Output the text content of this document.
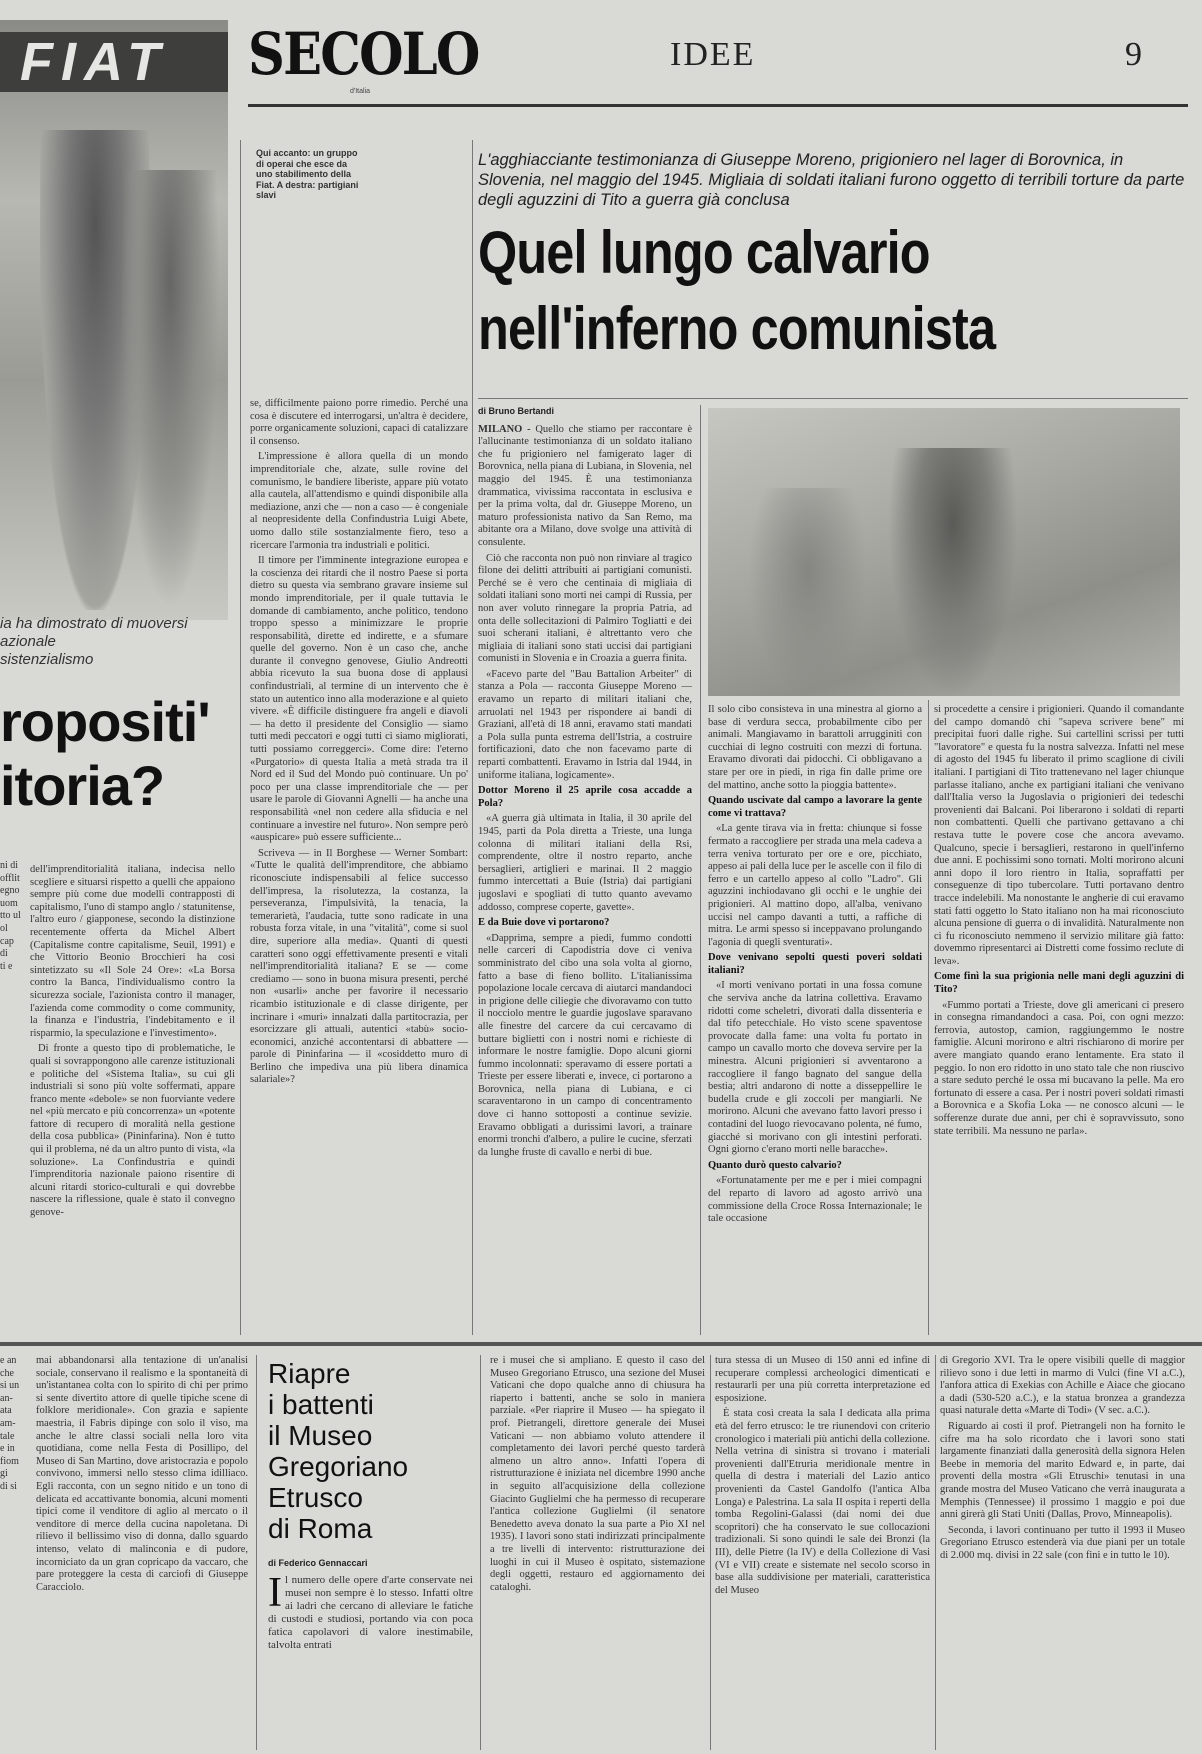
FIAT
ia ha dimostrato di muoversi
azionale
sistenzialismo
ropositi'
itoria?
ni di
offlit
egno
uom
tto ul
ol
cap
di
ti e
SECOLO
d'Italia
IDEE	9
Qui accanto: un gruppo di operai che esce da uno stabilimento della Fiat. A destra: partigiani slavi
L'agghiacciante testimonianza di Giuseppe Moreno, prigioniero nel lager di Borovnica, in Slovenia, nel maggio del 1945. Migliaia di soldati italiani furono oggetto di terribili torture da parte degli aguzzini di Tito a guerra già conclusa
Quel lungo calvario
nell'inferno comunista

se, difficilmente paiono porre rimedio. Perché una cosa è discutere ed interrogarsi, un'altra è decidere, porre organicamente soluzioni, capaci di catalizzare il consenso.

L'impressione è allora quella di un mondo imprenditoriale che, alzate, sulle rovine del comunismo, le bandiere liberiste, appare più votato alla cautela, all'attendismo e quindi disponibile alla mediazione, anzi che — non a caso — è congeniale al neopresidente della Confindustria Luigi Abete, uomo dallo stile sostanzialmente fiero, teso a ricercare l'armonia tra industriali e politici.

Il timore per l'imminente integrazione europea e la coscienza dei ritardi che il nostro Paese si porta dietro su questa via sembrano gravare insieme sul mondo imprenditoriale, per il quale tuttavia le domande di cambiamento, anche politico, tendono troppo spesso a minimizzare le proprie responsabilità, dirette ed indirette, e a sfumare quelle del governo. Non è un caso che, anche durante il convegno genovese, Giulio Andreotti abbia ricevuto la sua buona dose di applausi confindustriali, al termine di un intervento che è stato un autentico inno alla moderazione e al quieto vivere. «È difficile distinguere fra angeli e diavoli — ha detto il presidente del Consiglio — siamo tutti medi peccatori e oggi tutti ci siamo migliorati, tutti possiamo correggerci». Come dire: l'eterno «Purgatorio» di questa Italia a metà strada tra il Nord ed il Sud del Mondo può continuare. Un po' poco per una classe imprenditoriale che — per usare le parole di Giovanni Agnelli — ha anche una responsabilità «nel non cedere alla sfiducia e nel continuare a investire nel futuro». Non sempre però «auspicare» può essere sufficiente...

Scriveva — in Il Borghese — Werner Sombart: «Tutte le qualità dell'imprenditore, che abbiamo riconosciute indispensabili al felice successo dell'impresa, la risolutezza, la costanza, la perseveranza, l'impulsività, la tenacia, la temerarietà, l'audacia, tutte sono radicate in una robusta forza vitale, in una "vitalità", come si suol dire, superiore alla media». Quanti di questi caratteri sono oggi effettivamente presenti e vitali nell'imprenditorialità italiana? E se — come crediamo — sono in buona misura presenti, perché non «usarli» anche per favorire il necessario ricambio istituzionale e di classe dirigente, per incrinare i «muri» innalzati dalla partitocrazia, per esorcizzare gli attuali, autentici «tabù» socio-economici, anziché accontentarsi di abbattere — parole di Pininfarina — il «cosiddetto muro di Berlino che impediva una più libera dinamica salariale»?

dell'imprenditorialità italiana, indecisa nello scegliere e situarsi rispetto a quelli che appaiono sempre più come due modelli contrapposti di capitalismo, l'uno di stampo anglo / statunitense, l'altro euro / giapponese, secondo la distinzione recentemente offerta da Michel Albert (Capitalisme contre capitalisme, Seuil, 1991) e che Vittorio Beonio Brocchieri ha così sintetizzato su «Il Sole 24 Ore»: «La Borsa contro la Banca, l'individualismo contro la sicurezza sociale, l'azionista contro il manager, l'azienda come commodity o come community, la finanza e l'industria, l'indebitamento e il risparmio, la speculazione e l'investimento».

Di fronte a questo tipo di problematiche, le quali si sovrappongono alle carenze istituzionali e politiche del «Sistema Italia», su cui gli industriali si sono più volte soffermati, appare franco mente «debole» se non fuorviante vedere nel «più mercato e più concorrenza» un «potente fattore di recupero di moralità nella gestione della cosa pubblica» (Pininfarina). Non è tutto qui il problema, né da un altro punto di vista, «la soluzione». La Confindustria e quindi l'imprenditoria nazionale paiono risentire di alcuni ritardi storico-culturali e qui dovrebbe nascere la riflessione, quale è stato il convegno genove-

di Bruno Bertandi

MILANO - Quello che stiamo per raccontare è l'allucinante testimonianza di un soldato italiano che fu prigioniero nel famigerato lager di Borovnica, nella piana di Lubiana, in Slovenia, nel maggio del 1945. È una testimonianza drammatica, vivissima raccontata in esclusiva e per la prima volta, dal dr. Giuseppe Moreno, un maturo professionista nativo da San Remo, ma abitante ora a Milano, dove svolge una attività di consulente.

Ciò che racconta non può non rinviare al tragico filone dei delitti attribuiti ai partigiani comunisti. Perché se è vero che centinaia di migliaia di soldati italiani sono morti nei campi di Russia, per non aver voluto rinnegare la propria Patria, ad onta delle sollecitazioni di Palmiro Togliatti e dei suoi scherani italiani, è altrettanto vero che migliaia di italiani sono stati uccisi dai partigiani comunisti in Slovenia e in Croazia a guerra finita.

«Facevo parte del "Bau Battalion Arbeiter" di stanza a Pola — racconta Giuseppe Moreno — eravamo un reparto di militari italiani che, arruolati nel 1943 per rispondere ai bandi di Graziani, all'età di 18 anni, eravamo stati mandati a Pola sulla punta estrema dell'Istria, a costruire fortificazioni, dato che non facevamo parte di reparti combattenti. Eravamo in Istria dal 1944, in uniforme italiana, logicamente».

Dottor Moreno il 25 aprile cosa accadde a Pola?

«A guerra già ultimata in Italia, il 30 aprile del 1945, partì da Pola diretta a Trieste, una lunga colonna di militari italiani della Rsi, comprendente, oltre il nostro reparto, anche bersaglieri, artiglieri e marinai. Il 2 maggio fummo intercettati a Buie (Istria) dai partigiani jugoslavi e spogliati di tutto quanto avevamo addosso, comprese coperte, gavette».

E da Buie dove vi portarono?

«Dapprima, sempre a piedi, fummo condotti nelle carceri di Capodistria dove ci veniva somministrato del cibo una sola volta al giorno, fatto a base di fieno bollito. L'italianissima popolazione locale cercava di aiutarci mandandoci in prigione delle ciliegie che divoravamo con tutto il nocciolo mentre le guardie jugoslave sparavano alle finestre del carcere da cui cercavamo di buttare biglietti con i nostri nomi e richieste di informare le nostre famiglie. Dopo alcuni giorni fummo incolonnati: speravamo di essere portati a Trieste per essere liberati e, invece, ci portarono a Borovnica, nella piana di Lubiana, e ci scaraventarono in un campo di concentramento dove ci hanno sottoposti a continue sevizie. Eravamo obbligati a durissimi lavori, a trainare enormi tronchi d'albero, a pulire le cucine, sferzati da lunghe fruste di cavallo e nerbi di bue.

Il solo cibo consisteva in una minestra al giorno a base di verdura secca, probabilmente cibo per animali. Mangiavamo in barattoli arrugginiti con cucchiai di legno costruiti con mezzi di fortuna. Eravamo divorati dai pidocchi. Ci obbligavano a stare per ore in piedi, in riga fin dalle prime ore del mattino, anche sotto la pioggia battente».

Quando uscivate dal campo a lavorare la gente come vi trattava?

«La gente tirava via in fretta: chiunque si fosse fermato a raccogliere per strada una mela cadeva a terra veniva torturato per ore e ore, picchiato, appeso ai pali della luce per le ascelle con il filo di ferro e un cartello appeso al collo "Ladro". Gli aguzzini inchiodavano gli occhi e le unghie dei prigionieri. Al mattino dopo, all'alba, venivano uccisi nel campo davanti a tutti, a raffiche di mitra. Le armi spesso si inceppavano prolungando l'agonia di quegli sventurati».

Dove venivano sepolti questi poveri soldati italiani?

«I morti venivano portati in una fossa comune che serviva anche da latrina collettiva. Eravamo ridotti come scheletri, divorati dalla dissenteria e dal tifo petecchiale. Ho visto scene spaventose provocate dalla fame: una volta fu portato in campo un cavallo morto che doveva servire per la minestra. Alcuni prigionieri si avventarono a raccogliere il fango bagnato del sangue della bestia; altri andarono di notte a disseppellire le budella crude e gli zoccoli per mangiarli. Ne morirono. Alcuni che avevano fatto lavori presso i contadini del luogo rievocavano polenta, né fumo, giacché si morivano con gli intestini perforati. Ogni giorno c'erano morti nelle baracche».

Quanto durò questo calvario?

«Fortunatamente per me e per i miei compagni del reparto di lavoro ad agosto arrivò una commissione della Croce Rossa Internazionale; le tale occasione

si procedette a censire i prigionieri. Quando il comandante del campo domandò chi "sapeva scrivere bene" mi precipitai fuori dalle righe. Sui cartellini scrissi per tutti "lavoratore" e questa fu la nostra salvezza. Infatti nel mese di agosto del 1945 fu liberato il primo scaglione di civili italiani. I partigiani di Tito trattenevano nel lager chiunque parlasse italiano, anche ex partigiani italiani che venivano dall'Italia verso la Jugoslavia o prigionieri dei tedeschi provenienti dai Balcani. Poi liberarono i soldati di reparti non combattenti. Quelli che partivano gettavano a chi restava tutte le povere cose che ancora avevamo. Qualcuno, specie i bersaglieri, restarono in quell'inferno due anni. E pochissimi sono tornati. Molti morirono alcuni anni dopo il loro rientro in Italia, sopraffatti per conseguenze di tipo tubercolare. Tutti portavano dentro tracce indelebili. Ma nonostante le angherie di cui eravamo stati fatti oggetto lo Stato italiano non ha mai riconosciuto alcuna pensione di guerra o di invalidità. Naturalmente non ci fu riconosciuto nemmeno il servizio militare già fatto: dovemmo ripresentarci ai Distretti come fossimo reclute di leva».

Come finì la sua prigionia nelle mani degli aguzzini di Tito?

«Fummo portati a Trieste, dove gli americani ci presero in consegna rimandandoci a casa. Poi, con ogni mezzo: ferrovia, autostop, camion, raggiungemmo le nostre famiglie. Alcuni morirono e altri rischiarono di morire per avere mangiato quando erano lentamente. Era stato il peggio. Io non ero ridotto in uno stato tale che non riuscivo a stare seduto perché le ossa mi bucavano la pelle. Ma ero fortunato di essere a casa. Per i nostri poveri soldati rimasti a Borovnica e a Skofia Loka — ne conosco alcuni — le sofferenze durate due anni, per chi è sopravvissuto, sono state terribili. Ma nessuno ne parla».

e an
che
si un
an-
ata
am-
tale
e in
fiom
gi
di si

mai abbandonarsi alla tentazione di un'analisi sociale, conservano il realismo e la spontaneità di un'istantanea colta con lo spirito di chi per primo si sente divertito attore di quelle tipiche scene di folklore meridionale». Con grazia e sapiente maestria, il Fabris dipinge con solo il viso, ma anche le altre classi sociali nella loro vita quotidiana, come nella Festa di Posillipo, del Museo di San Martino, dove aristocrazia e popolo convivono, immersi nello stesso clima idilliaco. Egli racconta, con un segno nitido e un tono di delicata ed accattivante bonomia, alcuni momenti tipici come il venditore di aglio al mercato o il venditore di merce della cucina napoletana. Di rilievo il bellissimo viso di donna, dallo sguardo intenso, velato di malinconia e di pudore, incorniciato da un gran copricapo da vaccaro, che pare proteggere la cesta di carciofi di Giuseppe Caracciolo.

Riapre
i battenti
il Museo
Gregoriano
Etrusco
di Roma
di Federico Gennaccari
Il numero delle opere d'arte conservate nei musei non sempre è lo stesso. Infatti oltre ai ladri che cercano di alleviare le fatiche di custodi e studiosi, portando via con poca fatica capolavori di valore inestimabile, talvolta entrati

re i musei che si ampliano. È questo il caso del Museo Gregoriano Etrusco, una sezione del Musei Vaticani che dopo qualche anno di chiusura ha riaperto i battenti, anche se solo in maniera parziale. «Per riaprire il Museo — ha spiegato il prof. Pietrangeli, direttore generale dei Musei Vaticani — non abbiamo voluto attendere il completamento dei lavori perché questo tarderà almeno un altro anno». Infatti l'opera di ristrutturazione è iniziata nel dicembre 1990 anche in seguito all'acquisizione della collezione Giacinto Guglielmi che ha permesso di recuperare l'antica collezione Guglielmi (il senatore Benedetto aveva donato la sua parte a Pio XI nel 1935). I lavori sono stati indirizzati principalmente a tre livelli di intervento: ristrutturazione dei luoghi in cui il Museo è ospitato, sistemazione degli oggetti, restauro ed aggiornamento dei cataloghi.

tura stessa di un Museo di 150 anni ed infine di recuperare complessi archeologici dimenticati e restaurarli per una più corretta interpretazione ed esposizione.

È stata così creata la sala I dedicata alla prima età del ferro etrusco: le tre riunendovi con criterio cronologico i materiali più antichi della collezione. Nella vetrina di sinistra si trovano i materiali provenienti dall'Etruria meridionale mentre in quella di destra i materiali del Lazio antico provenienti da Castel Gandolfo (l'antica Alba Longa) e Palestrina. La sala II ospita i reperti della tomba Regolini-Galassi (dai nomi dei due scopritori) che ha conservato le sue collocazioni tradizionali. Si sono quindi le sale dei Bronzi (la III), delle Pietre (la IV) e della Collezione di Vasi (VI e VII) create e sistemate nel secolo scorso in base alla suddivisione per materiali, caratteristica del Museo

di Gregorio XVI. Tra le opere visibili quelle di maggior rilievo sono i due letti in marmo di Vulci (fine VI a.C.), l'anfora attica di Exekias con Achille e Aiace che giocano a dadi (530-520 a.C.), e la statua bronzea a grandezza quasi naturale detta «Marte di Todi» (V sec. a.C.).

Riguardo ai costi il prof. Pietrangeli non ha fornito le cifre ma ha solo ricordato che i lavori sono stati largamente finanziati dalla generosità della signora Helen Beebe in memoria del marito Edward e, in parte, dai proventi della mostra «Gli Etruschi» tenutasi in una grande mostra del Museo Vaticano che verrà inaugurata a Memphis (Tennessee) il prossimo 1 maggio e poi due anni girerà gli Stati Uniti (Dallas, Provo, Minneapolis).

Seconda, i lavori continuano per tutto il 1993 il Museo Gregoriano Etrusco estenderà via due piani per un totale di 2.000 mq. divisi in 22 sale (con fini e in tutto le 10).
